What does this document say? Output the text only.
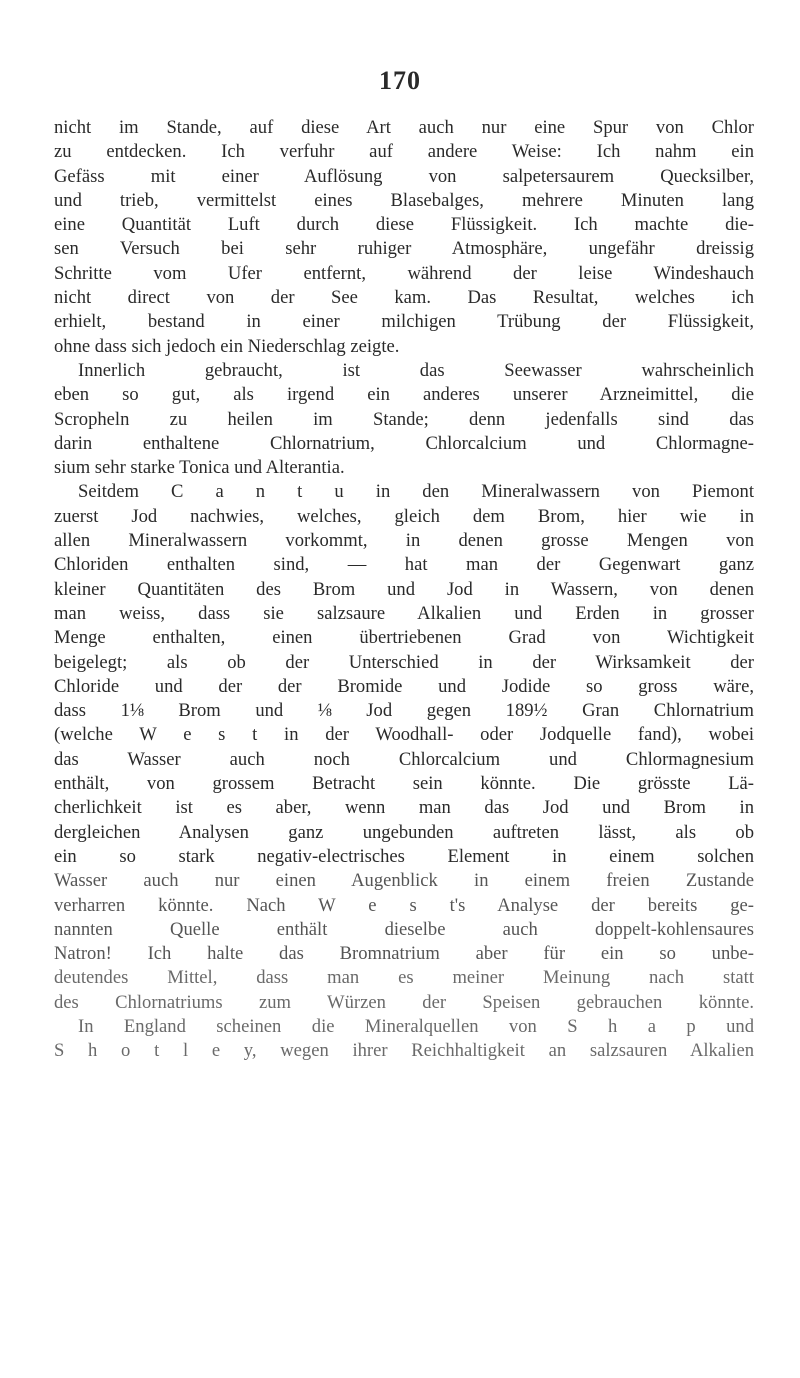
170
nicht im Stande, auf diese Art auch nur eine Spur von Chlor
zu entdecken. Ich verfuhr auf andere Weise: Ich nahm ein
Gefäss mit einer Auflösung von salpetersaurem Quecksilber,
und trieb, vermittelst eines Blasebalges, mehrere Minuten lang
eine Quantität Luft durch diese Flüssigkeit. Ich machte die-
sen Versuch bei sehr ruhiger Atmosphäre, ungefähr dreissig
Schritte vom Ufer entfernt, während der leise Windeshauch
nicht direct von der See kam. Das Resultat, welches ich
erhielt, bestand in einer milchigen Trübung der Flüssigkeit,
ohne dass sich jedoch ein Niederschlag zeigte.
Innerlich gebraucht, ist das Seewasser wahrscheinlich
eben so gut, als irgend ein anderes unserer Arzneimittel, die
Scropheln zu heilen im Stande; denn jedenfalls sind das
darin enthaltene Chlornatrium, Chlorcalcium und Chlormagne-
sium sehr starke Tonica und Alterantia.
Seitdem C a n t u in den Mineralwassern von Piemont
zuerst Jod nachwies, welches, gleich dem Brom, hier wie in
allen Mineralwassern vorkommt, in denen grosse Mengen von
Chloriden enthalten sind, — hat man der Gegenwart ganz
kleiner Quantitäten des Brom und Jod in Wassern, von denen
man weiss, dass sie salzsaure Alkalien und Erden in grosser
Menge enthalten, einen übertriebenen Grad von Wichtigkeit
beigelegt; als ob der Unterschied in der Wirksamkeit der
Chloride und der der Bromide und Jodide so gross wäre,
dass 1⅛ Brom und ⅛ Jod gegen 189½ Gran Chlornatrium
(welche W e s t in der Woodhall- oder Jodquelle fand), wobei
das Wasser auch noch Chlorcalcium und Chlormagnesium
enthält, von grossem Betracht sein könnte. Die grösste Lä-
cherlichkeit ist es aber, wenn man das Jod und Brom in
dergleichen Analysen ganz ungebunden auftreten lässt, als ob
ein so stark negativ-electrisches Element in einem solchen
Wasser auch nur einen Augenblick in einem freien Zustande
verharren könnte. Nach W e s t's Analyse der bereits ge-
nannten Quelle enthält dieselbe auch doppelt-kohlensaures
Natron! Ich halte das Bromnatrium aber für ein so unbe-
deutendes Mittel, dass man es meiner Meinung nach statt
des Chlornatriums zum Würzen der Speisen gebrauchen könnte.
In England scheinen die Mineralquellen von S h a p und
S h o t l e y, wegen ihrer Reichhaltigkeit an salzsauren Alkalien
